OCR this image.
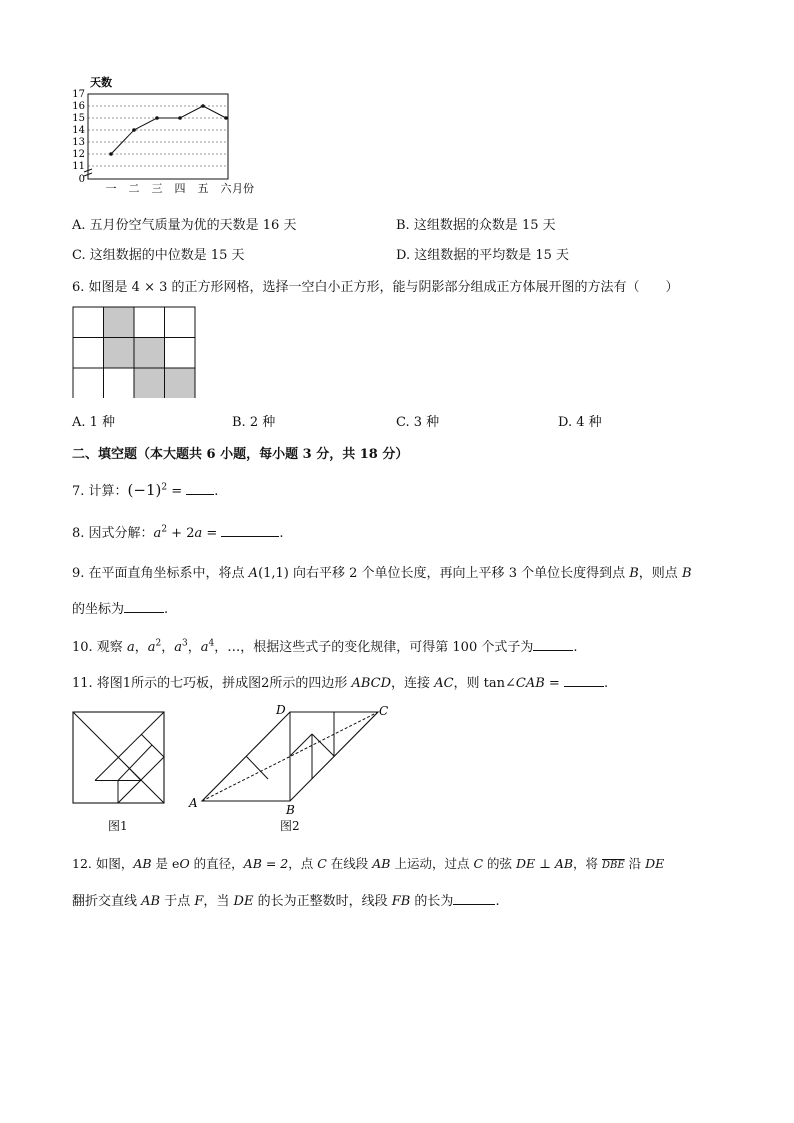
0
11
12
13
14
15
16
17
天数
一 二 三 四 五 六 月份
A. 五月份空气质量为优的天数是 16 天	B. 这组数据的众数是 15 天
C. 这组数据的中位数是 15 天	D. 这组数据的平均数是 15 天
6. 如图是 4 × 3 的正方形网格，选择一空白小正方形，能与阴影部分组成正方体展开图的方法有（　　）
A. 1 种	B. 2 种	C. 3 种	D. 4 种
二、填空题（本大题共 6 小题，每小题 3 分，共 18 分）
7. 计算：$(-1)^2$ = .
8. 因式分解：$a^2 + 2a$ =	.
9. 在平面直角坐标系中，将点 A(1,1) 向右平移 2 个单位长度，再向上平移 3 个单位长度得到点 B，则点 B
的坐标为	.
10. 观察 a，$a^2$，$a^3$，$a^4$，…，根据这些式子的变化规律，可得第 100 个式子为	.
11. 将图1所示的七巧板，拼成图2所示的四边形 ABCD，连接 AC，则 tan∠CAB =	.
图1
D	C
A	B
图2
12. 如图，AB 是 eO 的直径，AB = 2，点 C 在线段 AB 上运动，过点 C 的弦 DE ⊥ AB，将 $\overline{DBE}$ 沿 DE
翻折交直线 AB 于点 F，当 DE 的长为正整数时，线段 FB 的长为	.
